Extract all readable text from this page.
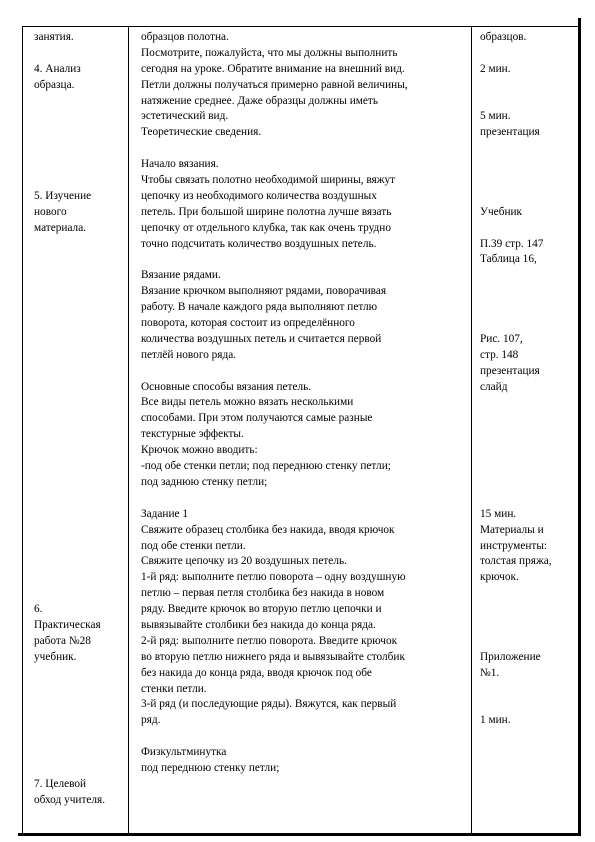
занятия.
4. Анализ
образца.
5. Изучение
нового
материала.
6.
Практическая
работа №28
учебник.
7. Целевой
обход учителя.
образцов полотна.
Посмотрите, пожалуйста, что мы должны выполнить
сегодня на уроке. Обратите внимание на внешний вид.
Петли должны получаться примерно равной величины,
натяжение среднее. Даже образцы должны иметь
эстетический вид.
Теоретические сведения.
Начало вязания.
Чтобы связать полотно необходимой ширины, вяжут
цепочку из необходимого количества воздушных
петель. При большой ширине полотна лучше вязать
цепочку от отдельного клубка, так как очень трудно
точно подсчитать количество воздушных петель.
Вязание рядами.
Вязание крючком выполняют рядами, поворачивая
работу. В начале каждого ряда выполняют петлю
поворота, которая состоит из определённого
количества воздушных петель и считается первой
петлёй нового ряда.
Основные способы вязания петель.
Все виды петель можно вязать несколькими
способами. При этом получаются самые разные
текстурные эффекты.
Крючок можно вводить:
-под обе стенки петли; под переднюю стенку петли;
под заднюю стенку петли;
Задание 1
Свяжите образец столбика без накида, вводя крючок
под обе стенки петли.
Свяжите цепочку из 20 воздушных петель.
1-й ряд: выполните петлю поворота – одну воздушную
петлю – первая петля столбика без накида в новом
ряду. Введите крючок во вторую петлю цепочки и
вывязывайте столбики без накида до конца ряда.
2-й ряд: выполните петлю поворота. Введите крючок
во вторую петлю нижнего ряда и вывязывайте столбик
без накида до конца ряда, вводя крючок под обе
стенки петли.
3-й ряд (и последующие ряды). Вяжутся, как первый
ряд.
Физкультминутка
под переднюю стенку петли;
образцов.
2 мин.
5 мин.
презентация
Учебник
П.39 стр. 147
Таблица 16,
Рис. 107,
стр. 148
презентация
слайд
15 мин.
Материалы и
инструменты:
толстая пряжа,
крючок.
Приложение
№1.
1 мин.
